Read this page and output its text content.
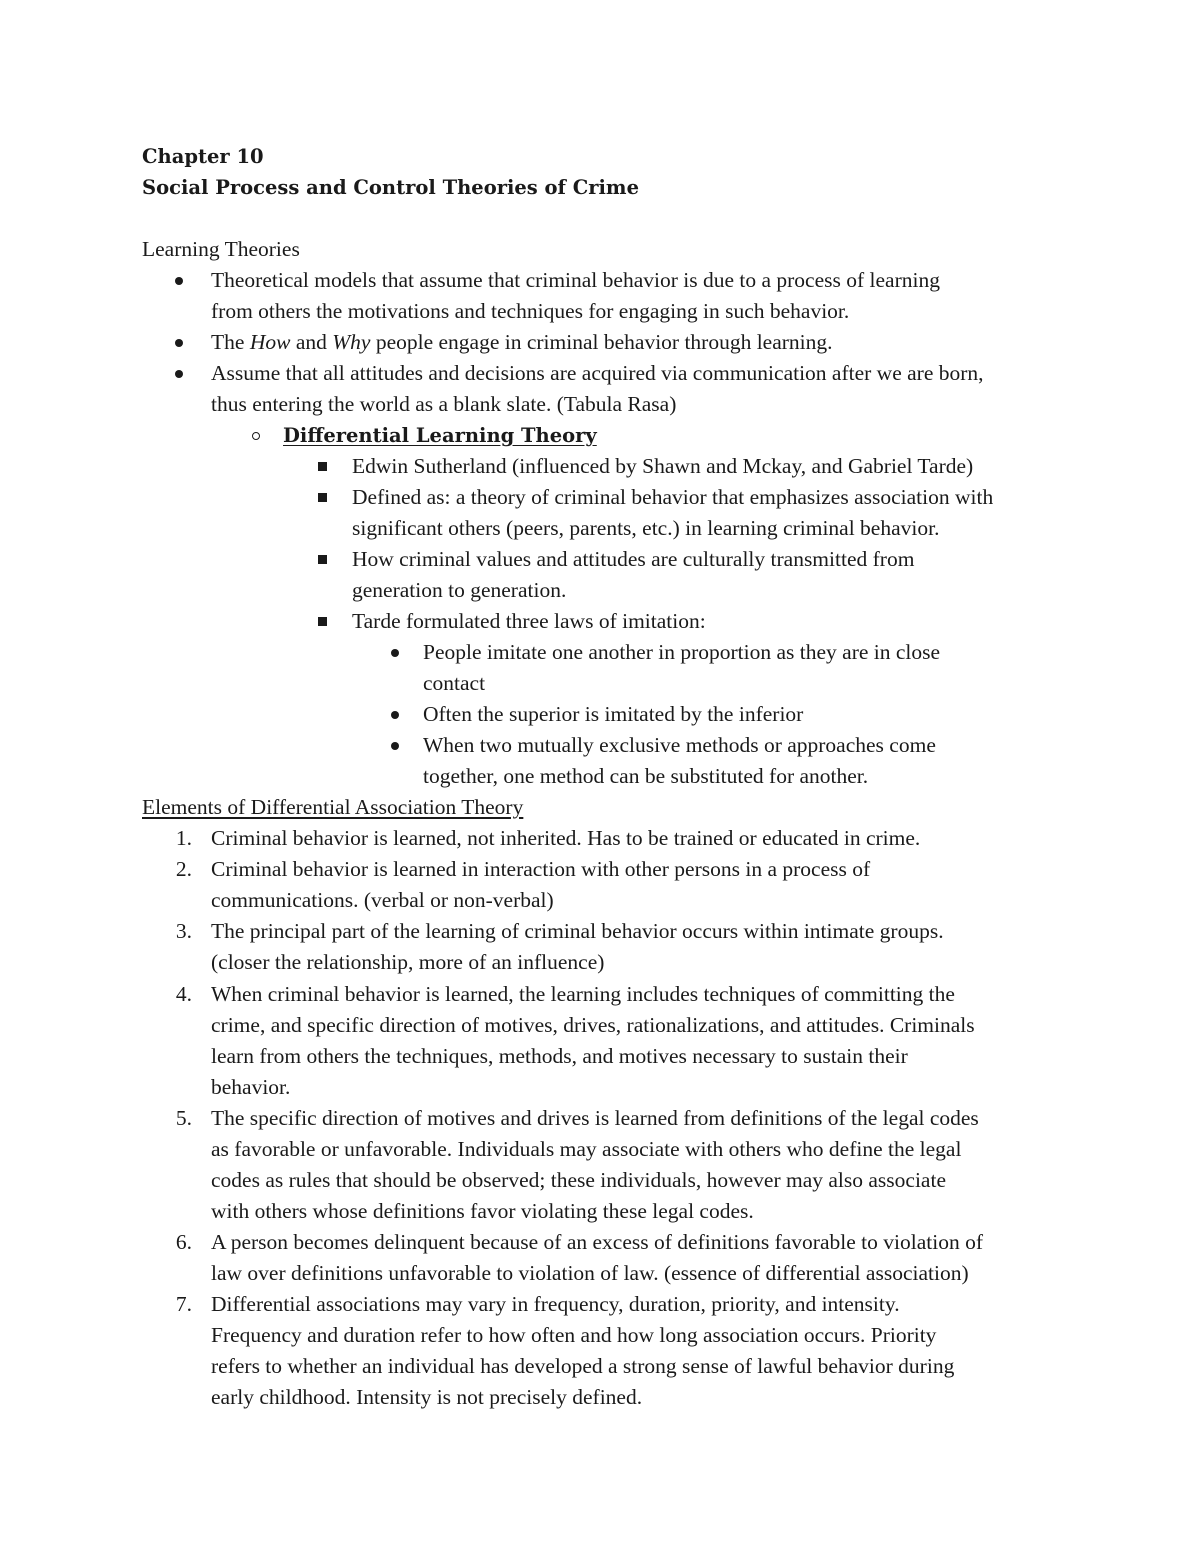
Chapter 10
Social Process and Control Theories of Crime
Learning Theories
Theoretical models that assume that criminal behavior is due to a process of learning
from others the motivations and techniques for engaging in such behavior.
The How and Why people engage in criminal behavior through learning.
Assume that all attitudes and decisions are acquired via communication after we are born,
thus entering the world as a blank slate. (Tabula Rasa)
Differential Learning Theory
Edwin Sutherland (influenced by Shawn and Mckay, and Gabriel Tarde)
Defined as: a theory of criminal behavior that emphasizes association with
significant others (peers, parents, etc.) in learning criminal behavior.
How criminal values and attitudes are culturally transmitted from
generation to generation.
Tarde formulated three laws of imitation:
People imitate one another in proportion as they are in close
contact
Often the superior is imitated by the inferior
When two mutually exclusive methods or approaches come
together, one method can be substituted for another.
Elements of Differential Association Theory
1. Criminal behavior is learned, not inherited. Has to be trained or educated in crime.
2. Criminal behavior is learned in interaction with other persons in a process of
communications. (verbal or non-verbal)
3. The principal part of the learning of criminal behavior occurs within intimate groups.
(closer the relationship, more of an influence)
4. When criminal behavior is learned, the learning includes techniques of committing the
crime, and specific direction of motives, drives, rationalizations, and attitudes. Criminals
learn from others the techniques, methods, and motives necessary to sustain their
behavior.
5. The specific direction of motives and drives is learned from definitions of the legal codes
as favorable or unfavorable. Individuals may associate with others who define the legal
codes as rules that should be observed; these individuals, however may also associate
with others whose definitions favor violating these legal codes.
6. A person becomes delinquent because of an excess of definitions favorable to violation of
law over definitions unfavorable to violation of law. (essence of differential association)
7. Differential associations may vary in frequency, duration, priority, and intensity.
Frequency and duration refer to how often and how long association occurs. Priority
refers to whether an individual has developed a strong sense of lawful behavior during
early childhood. Intensity is not precisely defined.
